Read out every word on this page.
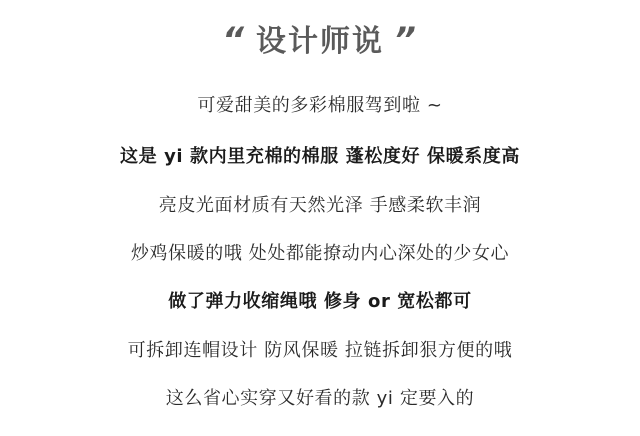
“ 设计师说 ”
可爱甜美的多彩棉服驾到啦 ~
这是 yi 款内里充棉的棉服 蓬松度好 保暖系度高
亮皮光面材质有天然光泽 手感柔软丰润
炒鸡保暖的哦 处处都能撩动内心深处的少女心
做了弹力收缩绳哦 修身 or 宽松都可
可拆卸连帽设计 防风保暖 拉链拆卸狠方便的哦
这么省心实穿又好看的款 yi 定要入的
